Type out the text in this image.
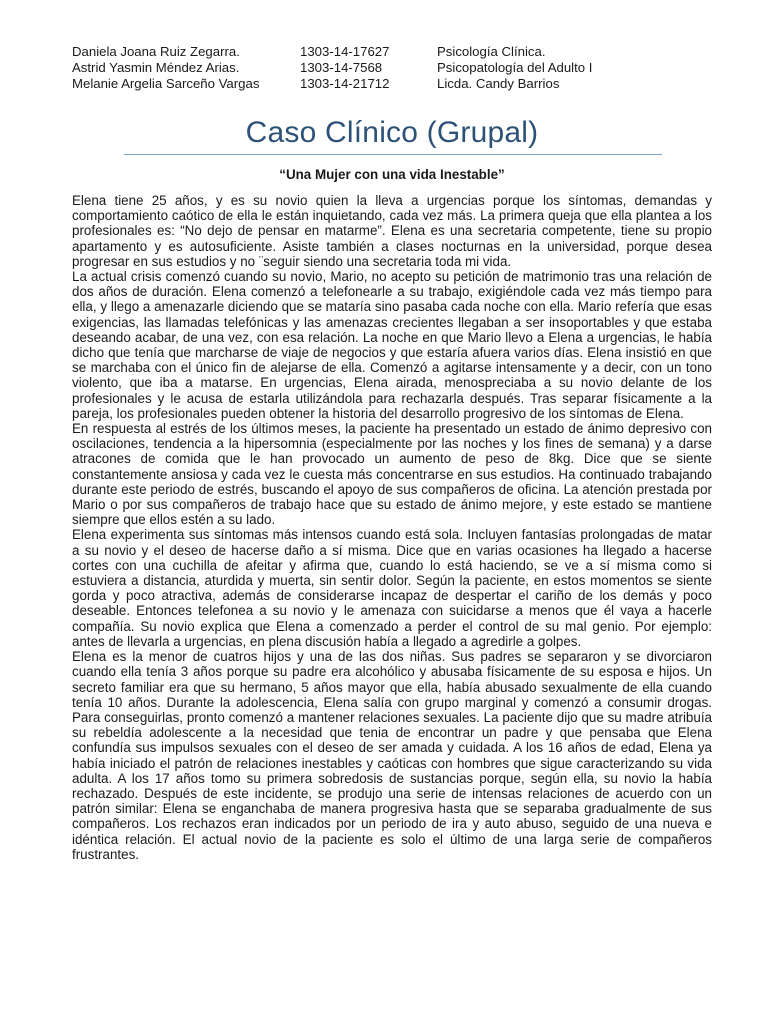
Daniela Joana Ruiz Zegarra.	1303-14-17627	Psicología Clínica.
Astrid Yasmin Méndez Arias.	1303-14-7568	Psicopatología del Adulto I
Melanie Argelia Sarceño Vargas	1303-14-21712	Licda. Candy Barrios
Caso Clínico (Grupal)
“Una Mujer con una vida Inestable”

Elena tiene 25 años, y es su novio quien la lleva a urgencias porque los síntomas, demandas y comportamiento caótico de ella le están inquietando, cada vez más. La primera queja que ella plantea a los profesionales es: “No dejo de pensar en matarme”. Elena es una secretaria competente, tiene su propio apartamento y es autosuficiente. Asiste también a clases nocturnas en la universidad, porque desea progresar en sus estudios y no ¨seguir siendo una secretaria toda mi vida.

La actual crisis comenzó cuando su novio, Mario, no acepto su petición de matrimonio tras una relación de dos años de duración. Elena comenzó a telefonearle a su trabajo, exigiéndole cada vez más tiempo para ella, y llego a amenazarle diciendo que se mataría sino pasaba cada noche con ella. Mario refería que esas exigencias, las llamadas telefónicas y las amenazas crecientes llegaban a ser insoportables y que estaba deseando acabar, de una vez, con esa relación. La noche en que Mario llevo a Elena a urgencias, le había dicho que tenía que marcharse de viaje de negocios y que estaría afuera varios días. Elena insistió en que se marchaba con el único fin de alejarse de ella. Comenzó a agitarse intensamente y a decir, con un tono violento, que iba a matarse. En urgencias, Elena airada, menospreciaba a su novio delante de los profesionales y le acusa de estarla utilizándola para rechazarla después. Tras separar físicamente a la pareja, los profesionales pueden obtener la historia del desarrollo progresivo de los síntomas de Elena.

En respuesta al estrés de los últimos meses, la paciente ha presentado un estado de ánimo depresivo con oscilaciones, tendencia a la hipersomnia (especialmente por las noches y los fines de semana) y a darse atracones de comida que le han provocado un aumento de peso de 8kg. Dice que se siente constantemente ansiosa y cada vez le cuesta más concentrarse en sus estudios. Ha continuado trabajando durante este periodo de estrés, buscando el apoyo de sus compañeros de oficina. La atención prestada por Mario o por sus compañeros de trabajo hace que su estado de ánimo mejore, y este estado se mantiene siempre que ellos estén a su lado.

Elena experimenta sus síntomas más intensos cuando está sola. Incluyen fantasías prolongadas de matar a su novio y el deseo de hacerse daño a sí misma. Dice que en varias ocasiones ha llegado a hacerse cortes con una cuchilla de afeitar y afirma que, cuando lo está haciendo, se ve a sí misma como si estuviera a distancia, aturdida y muerta, sin sentir dolor. Según la paciente, en estos momentos se siente gorda y poco atractiva, además de considerarse incapaz de despertar el cariño de los demás y poco deseable. Entonces telefonea a su novio y le amenaza con suicidarse a menos que él vaya a hacerle compañía. Su novio explica que Elena a comenzado a perder el control de su mal genio. Por ejemplo: antes de llevarla a urgencias, en plena discusión había a llegado a agredirle a golpes.

Elena es la menor de cuatros hijos y una de las dos niñas. Sus padres se separaron y se divorciaron cuando ella tenía 3 años porque su padre era alcohólico y abusaba físicamente de su esposa e hijos. Un secreto familiar era que su hermano, 5 años mayor que ella, había abusado sexualmente de ella cuando tenía 10 años. Durante la adolescencia, Elena salía con grupo marginal y comenzó a consumir drogas. Para conseguirlas, pronto comenzó a mantener relaciones sexuales. La paciente dijo que su madre atribuía su rebeldía adolescente a la necesidad que tenia de encontrar un padre y que pensaba que Elena confundía sus impulsos sexuales con el deseo de ser amada y cuidada. A los 16 años de edad, Elena ya había iniciado el patrón de relaciones inestables y caóticas con hombres que sigue caracterizando su vida adulta. A los 17 años tomo su primera sobredosis de sustancias porque, según ella, su novio la había rechazado. Después de este incidente, se produjo una serie de intensas relaciones de acuerdo con un patrón similar: Elena se enganchaba de manera progresiva hasta que se separaba gradualmente de sus compañeros. Los rechazos eran indicados por un periodo de ira y auto abuso, seguido de una nueva e idéntica relación. El actual novio de la paciente es solo el último de una larga serie de compañeros frustrantes.
